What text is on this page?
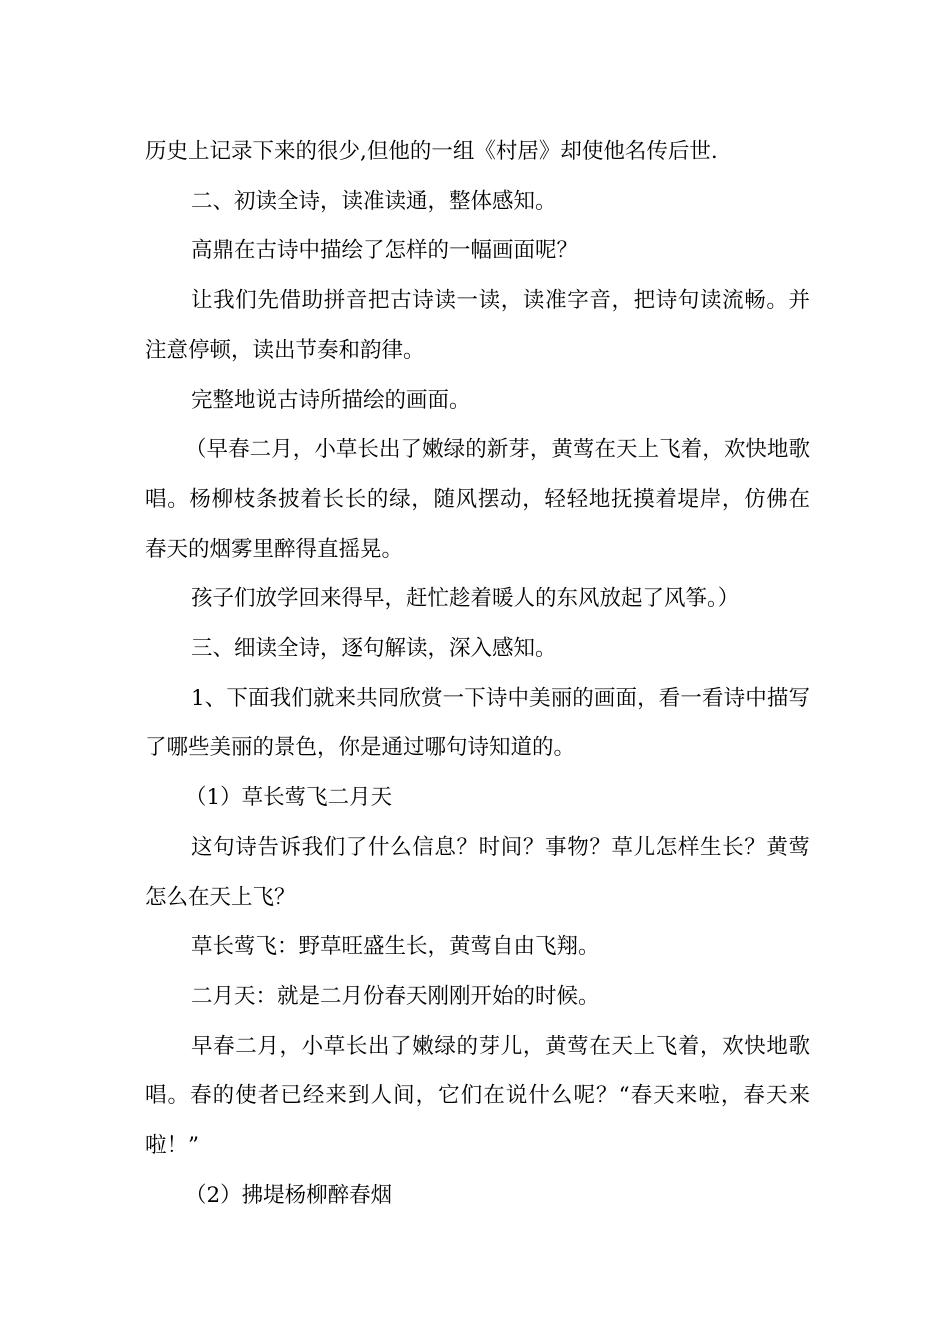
历史上记录下来的很少,但他的一组《村居》却使他名传后世.

二、初读全诗，读准读通，整体感知。

高鼎在古诗中描绘了怎样的一幅画面呢？

让我们先借助拼音把古诗读一读，读准字音，把诗句读流畅。并注意停顿，读出节奏和韵律。

完整地说古诗所描绘的画面。

（早春二月，小草长出了嫩绿的新芽，黄莺在天上飞着，欢快地歌唱。杨柳枝条披着长长的绿，随风摆动，轻轻地抚摸着堤岸，仿佛在春天的烟雾里醉得直摇晃。

孩子们放学回来得早，赶忙趁着暖人的东风放起了风筝。）

三、细读全诗，逐句解读，深入感知。

1、下面我们就来共同欣赏一下诗中美丽的画面，看一看诗中描写了哪些美丽的景色，你是通过哪句诗知道的。

（1）草长莺飞二月天

这句诗告诉我们了什么信息？时间？事物？草儿怎样生长？黄莺怎么在天上飞？

草长莺飞：野草旺盛生长，黄莺自由飞翔。

二月天：就是二月份春天刚刚开始的时候。

早春二月，小草长出了嫩绿的芽儿，黄莺在天上飞着，欢快地歌唱。春的使者已经来到人间，它们在说什么呢？“春天来啦，春天来啦！”

（2）拂堤杨柳醉春烟
